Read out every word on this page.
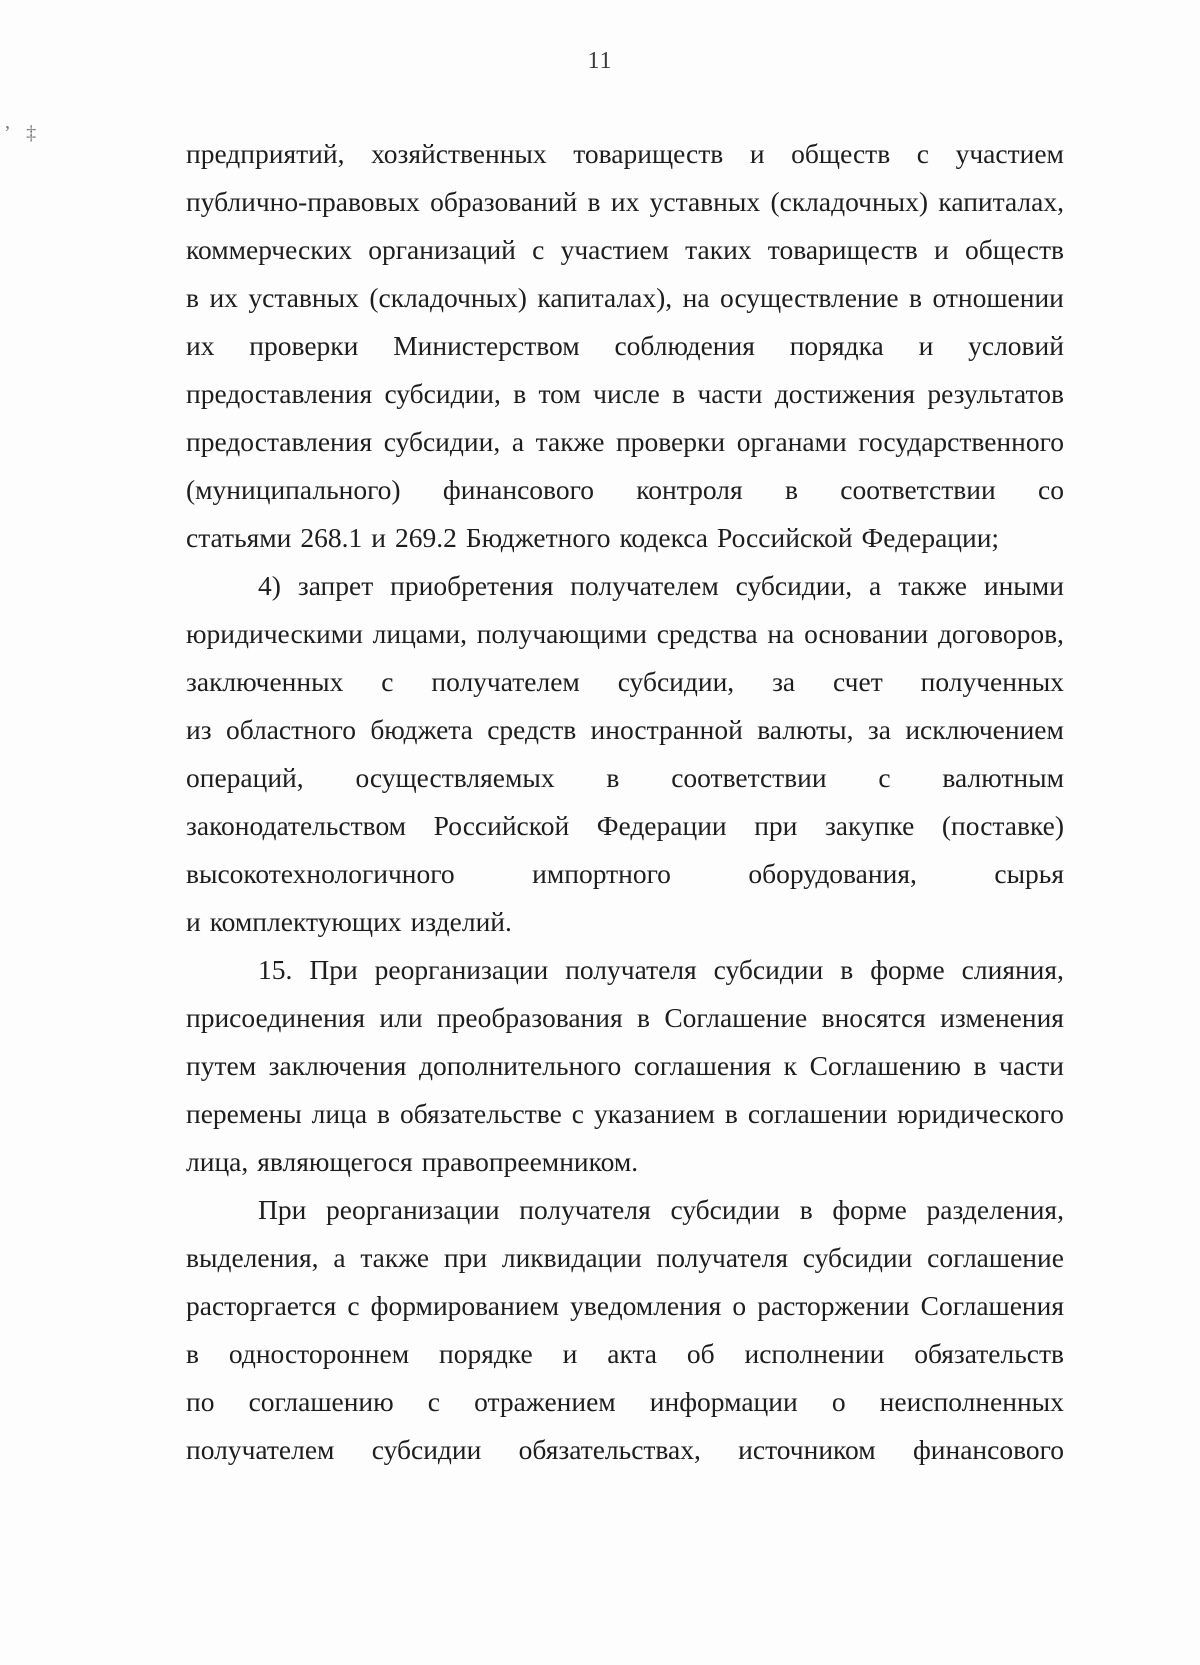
11
’ ‡
предприятий, хозяйственных товариществ и обществ с участием
публично-правовых образований в их уставных (складочных) капиталах,
коммерческих организаций с участием таких товариществ и обществ
в их уставных (складочных) капиталах), на осуществление в отношении
их проверки Министерством соблюдения порядка и условий
предоставления субсидии, в том числе в части достижения результатов
предоставления субсидии, а также проверки органами государственного
(муниципального) финансового контроля в соответствии со
статьями 268.1 и 269.2 Бюджетного кодекса Российской Федерации;
4) запрет приобретения получателем субсидии, а также иными
юридическими лицами, получающими средства на основании договоров,
заключенных с получателем субсидии, за счет полученных
из областного бюджета средств иностранной валюты, за исключением
операций, осуществляемых в соответствии с валютным
законодательством Российской Федерации при закупке (поставке)
высокотехнологичного	импортного	оборудования,	сырья
и комплектующих изделий.
15. При реорганизации получателя субсидии в форме слияния,
присоединения или преобразования в Соглашение вносятся изменения
путем заключения дополнительного соглашения к Соглашению в части
перемены лица в обязательстве с указанием в соглашении юридического
лица, являющегося правопреемником.
При реорганизации получателя субсидии в форме разделения,
выделения, а также при ликвидации получателя субсидии соглашение
расторгается с формированием уведомления о расторжении Соглашения
в одностороннем порядке и акта об исполнении обязательств
по соглашению с отражением информации о неисполненных
получателем субсидии обязательствах, источником финансового
